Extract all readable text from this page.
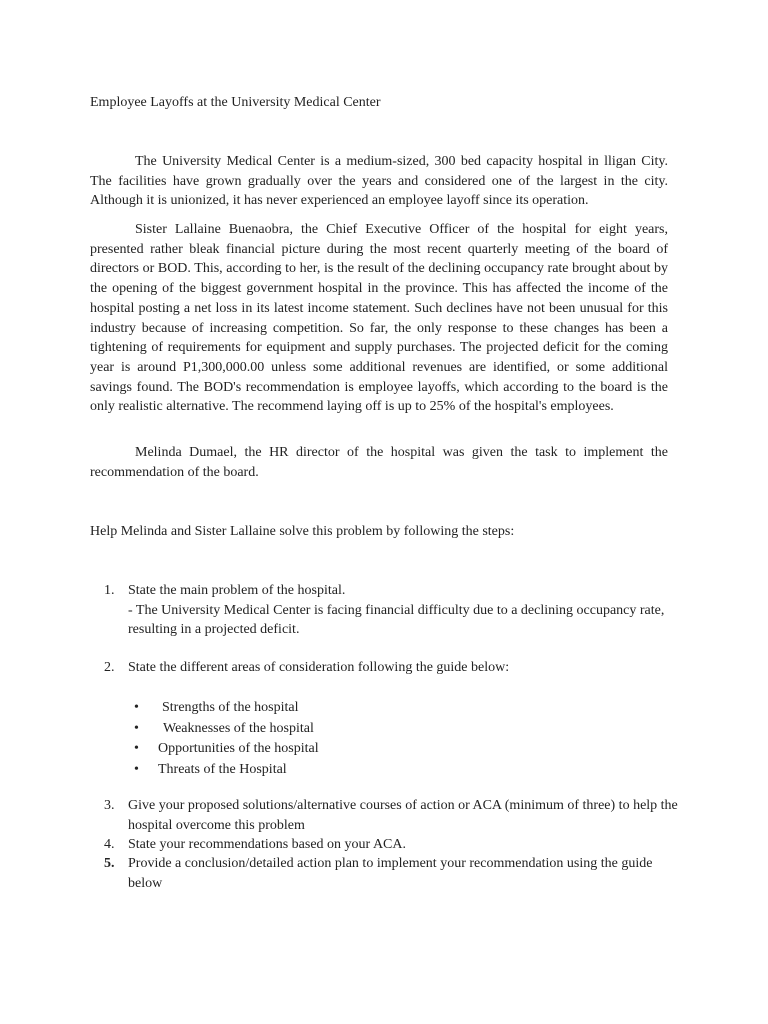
Employee Layoffs at the University Medical Center

The University Medical Center is a medium-sized, 300 bed capacity hospital in lligan City. The facilities have grown gradually over the years and considered one of the largest in the city. Although it is unionized, it has never experienced an employee layoff since its operation.

Sister Lallaine Buenaobra, the Chief Executive Officer of the hospital for eight years, presented rather bleak financial picture during the most recent quarterly meeting of the board of directors or BOD. This, according to her, is the result of the declining occupancy rate brought about by the opening of the biggest government hospital in the province. This has affected the income of the hospital posting a net loss in its latest income statement. Such declines have not been unusual for this industry because of increasing competition. So far, the only response to these changes has been a tightening of requirements for equipment and supply purchases. The projected deficit for the coming year is around P1,300,000.00 unless some additional revenues are identified, or some additional savings found. The BOD's recommendation is employee layoffs, which according to the board is the only realistic alternative. The recommend laying off is up to 25% of the hospital's employees.

Melinda Dumael, the HR director of the hospital was given the task to implement the recommendation of the board.

Help Melinda and Sister Lallaine solve this problem by following the steps:

1. State the main problem of the hospital.
- The University Medical Center is facing financial difficulty due to a declining occupancy rate, resulting in a projected deficit.
2. State the different areas of consideration following the guide below:
• Strengths of the hospital
• Weaknesses of the hospital
• Opportunities of the hospital
• Threats of the Hospital
3. Give your proposed solutions/alternative courses of action or ACA (minimum of three) to help the hospital overcome this problem
4. State your recommendations based on your ACA.
5. Provide a conclusion/detailed action plan to implement your recommendation using the guide below
